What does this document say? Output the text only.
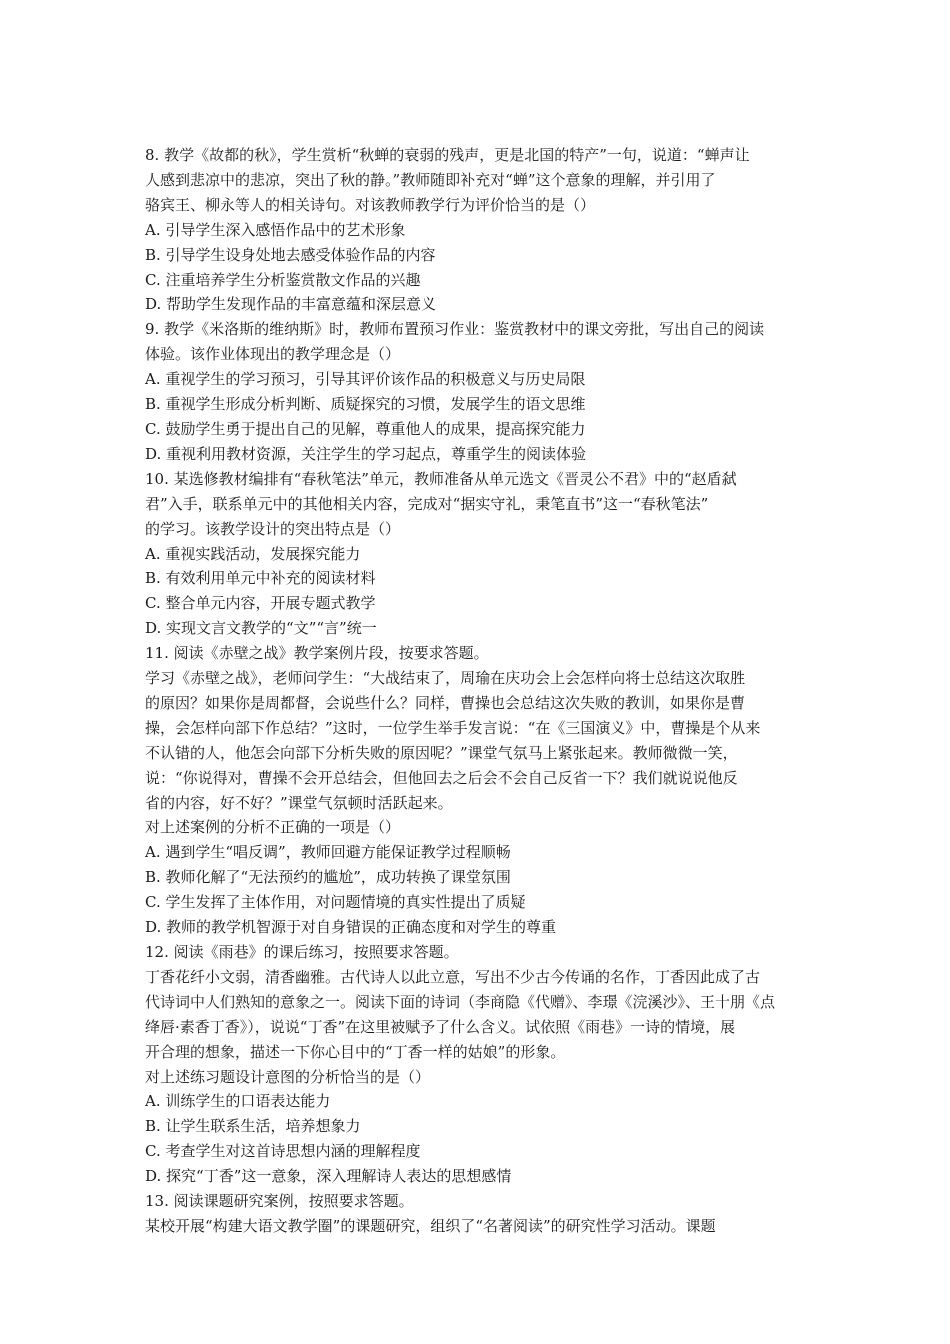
8. 教学《故都的秋》，学生赏析“秋蝉的衰弱的残声，更是北国的特产”一句，说道：“蝉声让
人感到悲凉中的悲凉，突出了秋的静。”教师随即补充对“蝉”这个意象的理解，并引用了
骆宾王、柳永等人的相关诗句。对该教师教学行为评价恰当的是（）
A. 引导学生深入感悟作品中的艺术形象
B. 引导学生设身处地去感受体验作品的内容
C. 注重培养学生分析鉴赏散文作品的兴趣
D. 帮助学生发现作品的丰富意蕴和深层意义
9. 教学《米洛斯的维纳斯》时，教师布置预习作业：鉴赏教材中的课文旁批，写出自己的阅读
体验。该作业体现出的教学理念是（）
A. 重视学生的学习预习，引导其评价该作品的积极意义与历史局限
B. 重视学生形成分析判断、质疑探究的习惯，发展学生的语文思维
C. 鼓励学生勇于提出自己的见解，尊重他人的成果，提高探究能力
D. 重视利用教材资源，关注学生的学习起点，尊重学生的阅读体验
10. 某选修教材编排有“春秋笔法”单元，教师准备从单元选文《晋灵公不君》中的“赵盾弑
君”入手，联系单元中的其他相关内容，完成对“据实守礼，秉笔直书”这一“春秋笔法”
的学习。该教学设计的突出特点是（）
A. 重视实践活动，发展探究能力
B. 有效利用单元中补充的阅读材料
C. 整合单元内容，开展专题式教学
D. 实现文言文教学的“文”“言”统一
11. 阅读《赤壁之战》教学案例片段，按要求答题。
学习《赤壁之战》，老师问学生：“大战结束了，周瑜在庆功会上会怎样向将士总结这次取胜
的原因？如果你是周都督，会说些什么？同样，曹操也会总结这次失败的教训，如果你是曹
操，会怎样向部下作总结？”这时，一位学生举手发言说：“在《三国演义》中，曹操是个从来
不认错的人，他怎会向部下分析失败的原因呢？”课堂气氛马上紧张起来。教师微微一笑，
说：“你说得对，曹操不会开总结会，但他回去之后会不会自己反省一下？我们就说说他反
省的内容，好不好？”课堂气氛顿时活跃起来。
对上述案例的分析不正确的一项是（）
A. 遇到学生“唱反调”，教师回避方能保证教学过程顺畅
B. 教师化解了“无法预约的尴尬”，成功转换了课堂氛围
C. 学生发挥了主体作用，对问题情境的真实性提出了质疑
D. 教师的教学机智源于对自身错误的正确态度和对学生的尊重
12. 阅读《雨巷》的课后练习，按照要求答题。
丁香花纤小文弱，清香幽雅。古代诗人以此立意，写出不少古今传诵的名作，丁香因此成了古
代诗词中人们熟知的意象之一。阅读下面的诗词（李商隐《代赠》、李璟《浣溪沙》、王十朋《点
绛唇·素香丁香》），说说“丁香”在这里被赋予了什么含义。试依照《雨巷》一诗的情境，展
开合理的想象，描述一下你心目中的“丁香一样的姑娘”的形象。
对上述练习题设计意图的分析恰当的是（）
A. 训练学生的口语表达能力
B. 让学生联系生活，培养想象力
C. 考查学生对这首诗思想内涵的理解程度
D. 探究“丁香”这一意象，深入理解诗人表达的思想感情
13. 阅读课题研究案例，按照要求答题。
某校开展“构建大语文教学圈”的课题研究，组织了“名著阅读”的研究性学习活动。课题
